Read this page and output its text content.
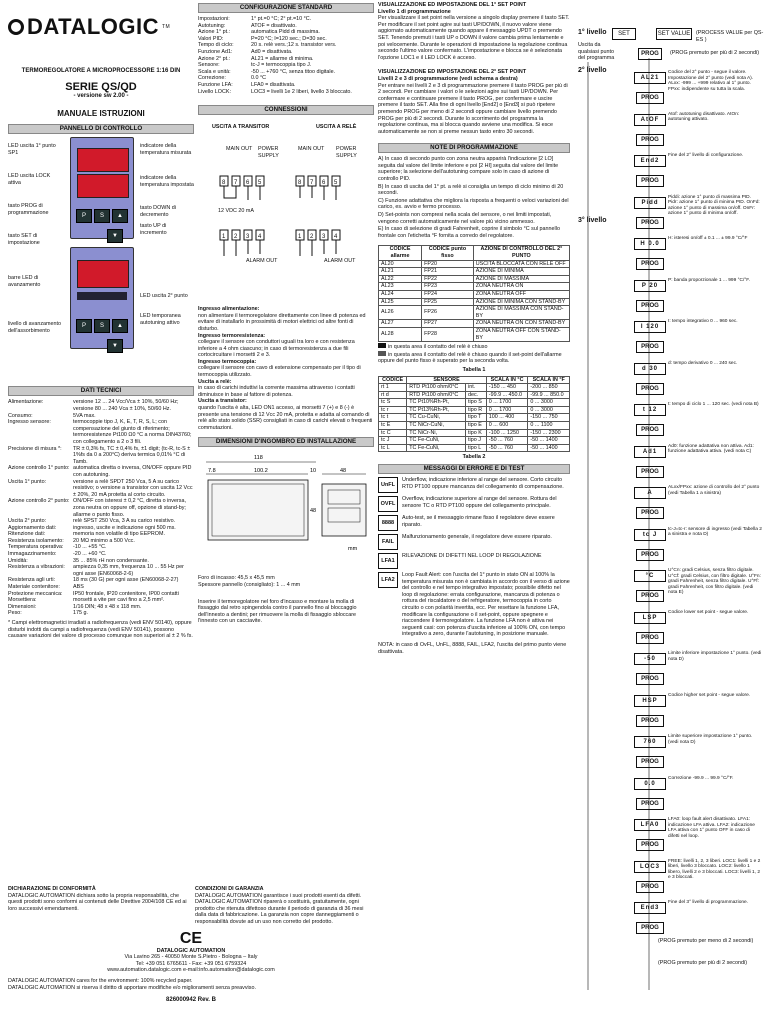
DATALOGIC TM
TERMOREGOLATORE A MICROPROCESSORE 1:16 DIN
SERIE QS/QD
- versione sw 2.00 -
MANUALE ISTRUZIONI
PANNELLO DI CONTROLLO
LED uscita 1° punto SP1
LED uscita LOCK attiva
tasto PROG di programmazione
tasto SET di impostazione
barre LED di avanzamento
livello di avanzamento dell'assorbimento
P S ▲
▼
P S ▲
▼
indicatore della temperatura misurata
indicatore della temperatura impostata
tasto DOWN di decremento
tasto UP di incremento
LED uscita 2° punto
LED temporanea autotuning attivo
DATI TECNICI
Alimentazione:	versione 12 ... 24 Vcc/Vca ± 10%, 50/60 Hz; versione 80 ... 240 Vca ± 10%, 50/60 Hz.
Consumo:	5VA max.
Ingresso sensore:	termocoppie tipo J, K, E, T, R, S, L; con compensazione del giunto di riferimento; termoresistenze Pt100 Ω0 °C a norma DIN43760; con collegamento a 2 o 3 fili.
Precisione di misura *:	TR ± 0,3% fs, TC ± 0,4% fs, ±1 digit; (tc-R, tc-S ± 1%fs da 0 a 200°C) deriva termica 0,01% °C di Tamb.
Azione controllo 1° punto: automatica diretta o inversa, ON/OFF oppure PID con autotuning.
Uscita 1° punto:	versione a relè SPDT 250 Vca, 5 A su carico resistivo; o versione a transistor con uscita 12 Vcc ± 20%, 20 mA protetta al corto circuito.
Azione controllo 2° punto: ON/OFF con isteresi ± 0,2 °C, diretta o inversa, zona neutra on oppure off, opzione di stand-by; allarme o punto fisso.
Uscita 2° punto:	relè SPST 250 Vca, 3 A su carico resistivo.
Aggiornamento dati:	ingresso, uscite e indicazione ogni 500 ms.
Ritenzione dati:	memoria non volatile di tipo EEPROM.
Resistenza isolamento:	20 MΩ minimo a 500 Vcc.
Temperatura operativa:	-10 ... +55 °C.
Immagazzinamento:	-20 ... +60 °C.
Umidità:	35 ... 85% rH non condensante.
Resistenza a vibrazioni:	ampiezza 0,35 mm, frequenza 10 ... 55 Hz per ogni asse (EN60068-2-6)
Resistenza agli urti:	18 ms (30 G) per ogni asse (EN60068-2-27)
Materiale contenitore:	ABS
Protezione meccanica:	IP50 frontale, IP20 contenitore, IP00 contatti
Morsettiera:	morsetti a vite per cavi fino a 2,5 mm².
Dimensioni:	1/16 DIN; 48 x 48 x 118 mm.
Peso:	175 g.
* Campi elettromagnetici irradiati a radiofrequenza (vedi ENV 50140), oppure disturbi indotti da campi a radiofrequenza (vedi ENV 50141), possono causare variazioni dei valore di processo comunque non superiori al ± 2 % fs.
CONFIGURAZIONE STANDARD
Impostazioni:	1° pt.=0 °C; 2° pt.=10 °C.
Autotuning:	ATOF = disattivato.
Azione 1° pt.:	automatica Pidd di massima.
Valori PID:	P=20 °C; I=120 sec.; D=30 sec.
Tempo di ciclo:	20 s. relè vers.;12 s. transistor vers.
Funzione Ad1:	Ad0 = disattivata.
Azione 2° pt.:	AL21 = allarme di minima.
Sensore:	tc-J = termocoppia tipo J.
Scala e unità:	-50 ... +760 °C, senza titoo digitale.
Correzione:	0.0 °C
Funzione LFA:	LFA0 = disattivata.
Livello LOCK:	LOC3 = livelli 1e 2 liberi, livello 3 bloccato.
CONNESSIONI
USCITA A TRANSITOR	USCITA A RELÈ
MAIN OUT POWER SUPPLY
MAIN OUT POWER SUPPLY
8 7 6 5	8 7 6 5
1 2 3 4	1 2 3 4
12 VDC 20 mA
ALARM OUT	ALARM OUT
Ingresso alimentazione:
non alimentare il termoregolatore direttamente con linee di potenza ed evitare di installarlo in prossimità di motori elettrici od altre fonti di disturbo.
Ingresso termoresistenza:
collegare il sensore con conduttori uguali tra loro e con resistenza inferiore a 4 ohm ciascuno; in caso di termoresistenza a due fili cortocircuitare i morsetti 2 e 3.
Ingresso termocoppia:
collegare il sensore con cavo di estensione compensato per il tipo di termocoppia utilizzato.
Uscita a relè:
in caso di carichi induttivi la corrente massima attraverso i contatti diminuisce in base al fattore di potenza.
Uscita a transistor:
quando l'uscita è alta, LED ON1 acceso, ai morsetti 7 (+) e 8 (-) è presente una tensione di 12 Vcc 20 mA, protetta e adatta al comando di relè allo stato solido (SSR) consigliati in caso di carichi elevati o frequenti commutazioni.
DIMENSIONI D'INGOMBRO ED INSTALLAZIONE
118
7.8	100.2	10	48
48
mm
Foro di incasso: 45,5 x 45,5 mm
Spessore pannello (consigliato): 1 ... 4 mm
Inserire il termoregolatore nel foro d'incasso e montare la molla di fissaggio dal retro spingendola contro il pannello fino al bloccaggio dell'innesto a dentini; per rimuovere la molla di fissaggio sbloccare l'innesto con un cacciavite.
VISUALIZZAZIONE ED IMPOSTAZIONE DEL 1° SET POINT
Livello 1 di programmazione
Per visualizzare il set point nella versione a singolo display premere il tasto SET. Per modificare il set point agire sui tasti UP/DOWN, il nuovo valore viene aggiornato automaticamente quando appare il messaggio UPDT o premendo SET. Tenendo premuti i tasti UP o DOWN il valore cambia prima lentamente e poi velocemente. Durante le operazioni di impostazione la regolazione continua secondo l'ultimo valore confermato. L'impostazione e blocca se è selezionata l'opzione LOC1 e il LED LOCK è acceso.
VISUALIZZAZIONE ED IMPOSTAZIONE DEL 2° SET POINT
Livelli 2 e 3 di programmazione (vedi schema a destra)
Per entrare nei livelli 2 e 3 di programmazione premere il tasto PROG per più di 2 secondi. Per cambiare i valori o le selezioni agire sui tasti UP/DOWN. Per confermare e continuare premere il tasto PROG, per confermare e uscire premere il tasto SET. Alla fine di ogni livello [End2] o [End3] si può ripetere premendo PROG per meno di 2 secondi oppure cambiare livello premendo PROG per più di 2 secondi. Durante lo scorrimento del programma la regolazione continua, ma si blocca quando avviene una modifica. Si esce automaticamente se non si preme nessun tasto entro 30 secondi.
NOTE DI PROGRAMMAZIONE
A) In caso di secondo punto con zona neutra apparirà l'indicazione [2 LO] seguita dal valore del limite inferiore e poi [2 HI] seguita dal valore del limite superiore; la selezione dell'autotuning compare solo in caso di azione di controllo PID.
B) In caso di uscita del 1° pt. a relè si consiglia un tempo di ciclo minimo di 20 secondi.
C) Funzione adattativa che migliora la risposta a frequenti o veloci variazioni del carico, es. avvio e fermo processo.
D) Set-points non compresi nella scala del sensore, o nei limiti impostati, vengono corretti automaticamente nel valore più vicino ammesso.
E) In caso di selezione di gradi Fahrenheit, coprire il simbolo °C sul pannello frontale con l'etichetta °F fornita a corredo del regolatore.
CODICE allarme	CODICE punto fisso	AZIONE DI CONTROLLO DEL 2° PUNTO
AL20	FP20	USCITA BLOCCATA CON RELÈ OFF
AL21	FP21	AZIONE DI MINIMA
AL22	FP22	AZIONE DI MASSIMA
AL23	FP23	ZONA NEUTRA ON
AL24	FP24	ZONA NEUTRA OFF
AL25	FP25	AZIONE DI MINIMA CON STAND-BY
AL26	FP26	AZIONE DI MASSIMA CON STAND-BY
AL27	FP27	ZONA NEUTRA ON CON STAND-BY
AL28	FP28	ZONA NEUTRA OFF CON STAND-BY
in questa area il contatto del relè è chiuso
in questa area il contatto del relè è chiuso quando il set-point dell'allarme oppure del punto fisso è superato per la seconda volta.
Tabella 1
CODICE	SENSORE		SCALA IN °C	SCALA IN °F
rt 1	RTD Pt100 ohm/0°C	int.	-150 ... 450	-200 ... 850
rt d	RTD Pt100 ohm/0°C	dec.	-99.9 ... 450.0	-99.9 ... 850.0
tc S	TC Pt10%Rh-Pt,	tipo S	0 ... 1700	0 ... 3000
tc r	TC Pt13%Rh-Pt,	tipo R	0 ... 1700	0 ... 3000
tc t	TC Cu-CuNi,	tipo T	100 ... 400	-150 ... 750
tc E	TC NiCr-CuNi,	tipo E	0 ... 600	0 ... 1100
tc C	TC NiCr-Ni,	tipo K	-100 ... 1250	-150 ... 2300
tc J	TC Fe-CuNi,	tipo J	-50 ... 760	-50 ... 1400
tc L	TC Fe-CuNi,	tipo L	-50 ... 760	-50 ... 1400
Tabella 2
MESSAGGI DI ERRORE E DI TEST
UnFL
Underflow, indicazione inferiore al range del sensore. Corto circuito RTD PT100 oppure mancanza del collegamento di compensazione.
OVFL
Overflow, indicazione superiore al range del sensore. Rottura del sensore TC o RTD PT100 oppure del collegamento principale.
8888
Auto-test, se il messaggio rimane fisso il regolatore deve essere riparato.
FAIL
Malfunzionamento generale, il regolatore deve essere riparato.
LFA1
RILEVAZIONE DI DIFETTI NEL LOOP DI REGOLAZIONE
LFA2
Loop Fault Alert: con l'uscita del 1° punto in stato ON al 100% la temperatura misurata non è cambiata in accordo con il verso di azione del controllo e nel tempo integrativo impostato; possibile difetto nel loop di regolazione: errata configurazione, mancanza di potenza o rottura del riscaldatore o del refrigeratore, termocoppia in corto circuito o con polarità invertita, ecc. Per resettare la funzione LFA, modificare la configurazione o il set-point, oppure spegnere e riaccendere il termoregolatore. La funzione LFA non è attiva nei seguenti casi: con potenza d'uscita inferiore al 100% ON, con tempo integrativo a zero, durante l'autotuning, in posizione manuale.
NOTA: in caso di OvFL, UnFL, 8888, FAIL, LFA2, l'uscita del primo punto viene disattivata.
1° livello
Uscita da qualsiasi punto del programma
SET	SET VALUE	(PROCESS VALUE per QS-ES )
2° livello
3° livello
PROG	(PROG premuto per più di 2 secondi)
AL21
PROG
Codice del 2° punto - segue il valore. Impostazione del 2° punto (vedi nota A). ALxx: -999 ... +999 relativo al 1° punto. FPxx: indipendente su tutta la scala.
AtOF
PROG
Atof: autotuning disattivato. AtOn: autotuning attivato.
End2
PROG
Fine del 2° livello di configurazione.
Pidd
PROG
Piddi: azione 1° punto di massima PID. Pidr: azione 1° punto di minima PID. OnFd: azione 1° punto di massima on/off. OnFr: azione 1° punto di minima on/off.
H 0.0
PROG
H: isteresi on/off ± 0.1 ... ± 99.9 °C/°F
P 20
PROG
P: banda proporzionale 1 ... 999 °C/°F.
I 120
PROG
I: tempo integrativo 0 ... 960 sec.
d 30
PROG
d: tempo derivativo 0 ... 240 sec.
t 12
PROG
t: tempo di ciclo 1 ... 120 sec. (vedi nota B)
Ad1
PROG
Ad0: funzione adattativa non attiva. Ad1: funzione adattativa attiva. (vedi nota C)
A
PROG
ALxx/FPxx: azione di controllo del 2° punto (vedi Tabella 1 a sinistra)
tc J
PROG
tc-J=tc-r: sensore di ingresso (vedi Tabella 2 a sinistra e nota D)
°C
PROG
U°Cn: gradi Celsius, senza filtro digitale. U°Cf: gradi Celsius, con filtro digitale. U°Fn: gradi Fahrenheit, senza filtro digitale. U°Ff: gradi Fahrenheit, con filtro digitale. (vedi nota E)
LSP
PROG
Codice lower set point - segue valore.
-50
PROG
Limite inferiore impostazione 1° punto. (vedi nota D)
HSP
PROG
Codice higher set point - segue valore.
760
PROG
Limite superiore impostazione 1° punto. (vedi nota D)
0.0
PROG
Correzione -99.9 ... 99.9 °C/°F.
LFA0
PROG
LFA0: loop fault alert disattivato. LFA1: indicazione LFA attiva. LFA2: indicazione LFA attiva con 1° punto OFF in caso di difetti nel loop.
LOC3
PROG
FREE: livelli 1, 2, 3 liberi. LOC1: livelli 1 e 2 liberi, livello 3 bloccato. LOC2: livello 1 libero, livelli 2 e 3 bloccati. LOC3: livelli 1, 2 e 3 bloccati.
End3
PROG
Fine del 3° livello di programmazione.
(PROG premuto per meno di 2 secondi)
(PROG premuto per più di 2 secondi)
DICHIARAZIONE DI CONFORMITÀ
DATALOGIC AUTOMATION dichiara sotto la propria responsabilità, che questi prodotti sono conformi ai contenuti delle Direttive 2004/108 CE ed ai loro successivi emendamenti.
CONDIZIONI DI GARANZIA
DATALOGIC AUTOMATION garantisce i suoi prodotti esenti da difetti. DATALOGIC AUTOMATION riparerà o sostituirà, gratuitamente, ogni prodotto che ritenuta difettoso durante il periodo di garanzia di 36 mesi dalla data di fabbricazione. La garanzia non copre danneggiamenti o responsabilità dovute ad un uso non corretto del prodotto.
CE
DATALOGIC AUTOMATION
Via Lavino 265 - 40050 Monte S.Pietro - Bologna – Italy
Tel: +39 051 6765611 - Fax: +39 051 6759324
www.automation.datalogic.com e-mail:info.automation@datalogic.com
DATALOGIC AUTOMATION cares for the environment: 100% recycled paper.
DATALOGIC AUTOMATION si riserva il diritto di apportare modifiche e/o miglioramenti senza preavviso.
826000942 Rev. B
